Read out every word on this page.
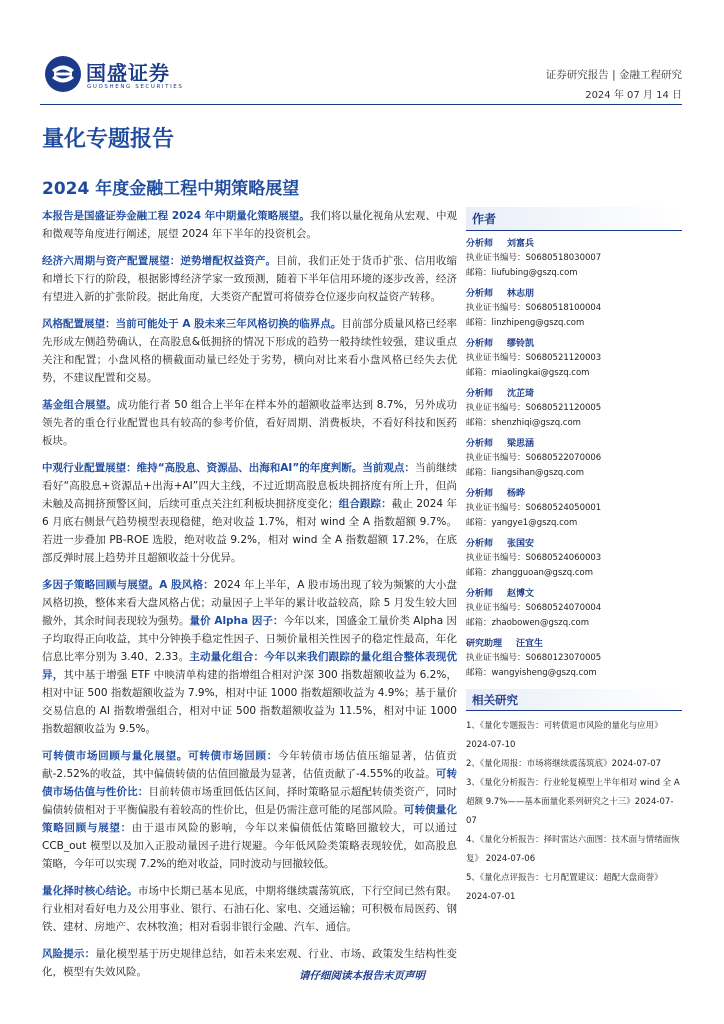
国盛证券
GUOSHENG SECURITIES
证券研究报告 | 金融工程研究
2024 年 07 月 14 日
量化专题报告
2024 年度金融工程中期策略展望
本报告是国盛证券金融工程 2024 年中期量化策略展望。我们将以量化视角从宏观、中观和微观等角度进行阐述，展望 2024 年下半年的投资机会。
经济六周期与资产配置展望：逆势增配权益资产。目前，我们正处于货币扩张、信用收缩和增长下行的阶段，根据影博经济学家一致预测，随着下半年信用环境的逐步改善，经济有望进入新的扩张阶段。据此角度，大类资产配置可将债券仓位逐步向权益资产转移。
风格配置展望：当前可能处于 A 股未来三年风格切换的临界点。目前部分质量风格已经率先形成左侧趋势确认，在高股息&低拥挤的情况下形成的趋势一般持续性较强，建议重点关注和配置；小盘风格的横截面动量已经处于劣势，横向对比来看小盘风格已经失去优势，不建议配置和交易。
基金组合展望。成功能行者 50 组合上半年在样本外的超额收益率达到 8.7%，另外成功领先者的重仓行业配置也具有较高的参考价值，看好周期、消费板块，不看好科技和医药板块。
中观行业配置展望：维持“高股息、资源品、出海和AI”的年度判断。当前观点：当前继续看好“高股息+资源品+出海+AI”四大主线，不过近期高股息板块拥挤度有所上升，但尚未触及高拥挤预警区间，后续可重点关注红利板块拥挤度变化；组合跟踪：截止 2024 年 6 月底右侧景气趋势模型表现稳健，绝对收益 1.7%，相对 wind 全 A 指数超额 9.7%。若进一步叠加 PB-ROE 选股，绝对收益 9.2%，相对 wind 全 A 指数超额 17.2%，在底部反弹时展上趋势并且超额收益十分优异。
多因子策略回顾与展望。A 股风格：2024 年上半年，A 股市场出现了较为频繁的大小盘风格切换，整体来看大盘风格占优；动量因子上半年的累计收益较高，除 5 月发生较大回撤外，其余时间表现较为强势。量价 Alpha 因子：今年以来，国盛金工量价类 Alpha 因子均取得正向收益，其中分钟换手稳定性因子、日频价量相关性因子的稳定性最高，年化信息比率分别为 3.40、2.33。主动量化组合：今年以来我们跟踪的量化组合整体表现优异，其中基于增强 ETF 中映清单构建的指增组合相对沪深 300 指数超额收益为 6.2%，相对中证 500 指数超额收益为 7.9%，相对中证 1000 指数超额收益为 4.9%；基于量价交易信息的 AI 指数增强组合，相对中证 500 指数超额收益为 11.5%，相对中证 1000 指数超额收益为 9.5%。
可转债市场回顾与量化展望。可转债市场回顾：今年转债市场估值压缩显著，估值贡献-2.52%的收益，其中偏债转债的估值回撤最为显著，估值贡献了-4.55%的收益。可转债市场估值与性价比：目前转债市场重回低估区间，择时策略显示超配转债类资产，同时偏债转债相对于平衡偏股有着较高的性价比，但是仍需注意可能的尾部风险。可转债量化策略回顾与展望：由于退市风险的影响，今年以来偏债低估策略回撤较大，可以通过 CCB_out 模型以及加入正股动量因子进行规避。今年低风险类策略表现较优，如高股息策略，今年可以实现 7.2%的绝对收益，同时波动与回撤较低。
量化择时核心结论。市场中长期已基本见底，中期将继续震荡筑底，下行空间已然有限。行业相对看好电力及公用事业、银行、石油石化、家电、交通运输；可积极布局医药、钢铁、建材、房地产、农林牧渔；相对看弱非银行金融、汽车、通信。
风险提示：量化模型基于历史规律总结，如若未来宏观、行业、市场、政策发生结构性变化，模型有失效风险。
作者
分析师 刘富兵
执业证书编号：S0680518030007
邮箱：liufubing@gszq.com
分析师 林志朋
执业证书编号：S0680518100004
邮箱：linzhipeng@gszq.com
分析师 缪铃凯
执业证书编号：S0680521120003
邮箱：miaolingkai@gszq.com
分析师 沈芷琦
执业证书编号：S0680521120005
邮箱：shenzhiqi@gszq.com
分析师 梁思涵
执业证书编号：S0680522070006
邮箱：liangsihan@gszq.com
分析师 杨晔
执业证书编号：S0680524050001
邮箱：yangye1@gszq.com
分析师 张国安
执业证书编号：S0680524060003
邮箱：zhangguoan@gszq.com
分析师 赵博文
执业证书编号：S0680524070004
邮箱：zhaobowen@gszq.com
研究助理 汪宜生
执业证书编号：S0680123070005
邮箱：wangyisheng@gszq.com
相关研究
1、《量化专题报告：可转债退市风险的量化与应用》 2024-07-10
2、《量化周报：市场将继续震荡筑底》2024-07-07
3、《量化分析报告：行业轮复模型上半年相对 wind 全 A 超额 9.7%——基本面量化系列研究之十三》2024-07-07
4、《量化分析报告：择时雷达六面图：技术面与情绪面恢复》 2024-07-06
5、《量化点评报告：七月配置建议：超配大盘商誉》 2024-07-01
请仔细阅读本报告末页声明
